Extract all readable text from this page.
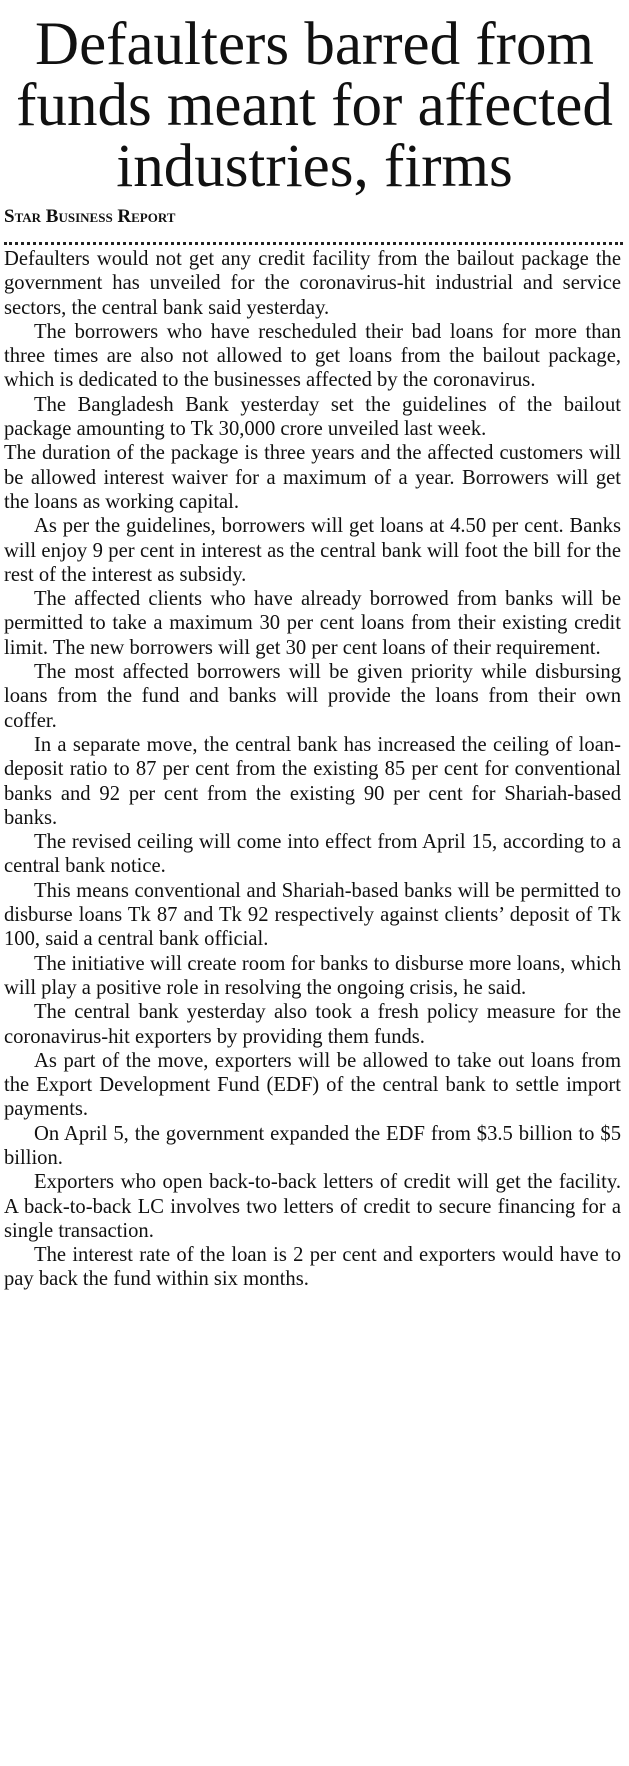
Defaulters barred from funds meant for affected industries, firms
Star Business Report

Defaulters would not get any credit facility from the bailout package the government has unveiled for the coronavirus-hit industrial and service sectors, the central bank said yesterday.

The borrowers who have rescheduled their bad loans for more than three times are also not allowed to get loans from the bailout package, which is dedicated to the businesses affected by the coronavirus.

The Bangladesh Bank yesterday set the guidelines of the bailout package amounting to Tk 30,000 crore unveiled last week.

The duration of the package is three years and the affected customers will be allowed interest waiver for a maximum of a year. Borrowers will get the loans as working capital.

As per the guidelines, borrowers will get loans at 4.50 per cent. Banks will enjoy 9 per cent in interest as the central bank will foot the bill for the rest of the interest as subsidy.

The affected clients who have already borrowed from banks will be permitted to take a maximum 30 per cent loans from their existing credit limit. The new borrowers will get 30 per cent loans of their requirement.

The most affected borrowers will be given priority while disbursing loans from the fund and banks will provide the loans from their own coffer.

In a separate move, the central bank has increased the ceiling of loan-deposit ratio to 87 per cent from the existing 85 per cent for conventional banks and 92 per cent from the existing 90 per cent for Shariah-based banks.

The revised ceiling will come into effect from April 15, according to a central bank notice.

This means conventional and Shariah-based banks will be permitted to disburse loans Tk 87 and Tk 92 respectively against clients’ deposit of Tk 100, said a central bank official.

The initiative will create room for banks to disburse more loans, which will play a positive role in resolving the ongoing crisis, he said.

The central bank yesterday also took a fresh policy measure for the coronavirus-hit exporters by providing them funds.

As part of the move, exporters will be allowed to take out loans from the Export Development Fund (EDF) of the central bank to settle import payments.

On April 5, the government expanded the EDF from $3.5 billion to $5 billion.

Exporters who open back-to-back letters of credit will get the facility. A back-to-back LC involves two letters of credit to secure financing for a single transaction.

The interest rate of the loan is 2 per cent and exporters would have to pay back the fund within six months.
